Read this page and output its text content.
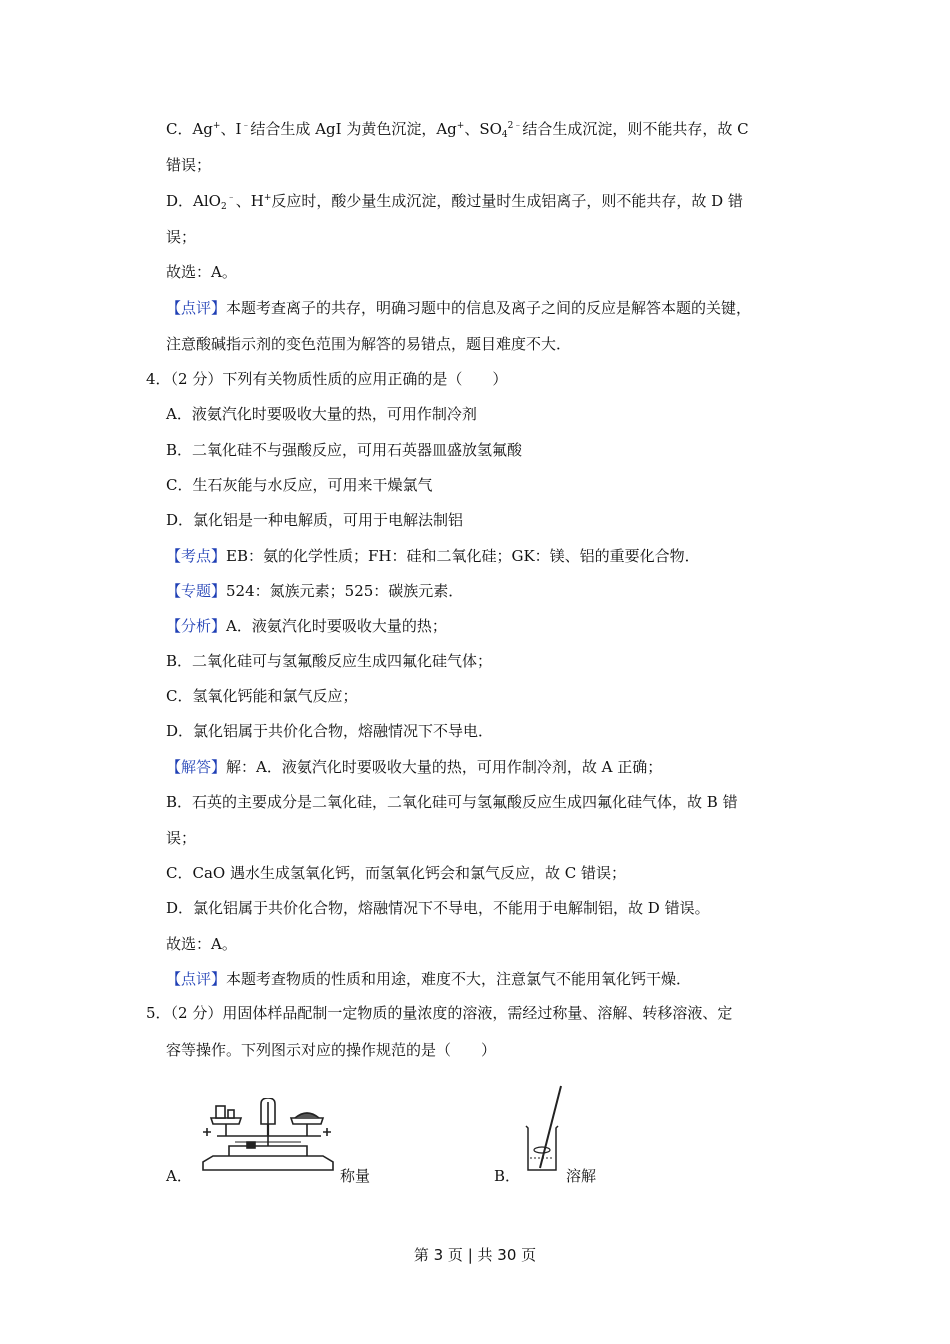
C．Ag+、I﹣结合生成 AgI 为黄色沉淀，Ag+、$SO_4^{2﹣}$结合生成沉淀，则不能共存，故 C
错误；
D．AlO$_2$﹣、H+反应时，酸少量生成沉淀，酸过量时生成铝离子，则不能共存，故 D 错
误；
故选：A。
【点评】本题考查离子的共存，明确习题中的信息及离子之间的反应是解答本题的关键，
注意酸碱指示剂的变色范围为解答的易错点，题目难度不大．
4．（2 分）下列有关物质性质的应用正确的是（　　）
A．液氨汽化时要吸收大量的热，可用作制冷剂
B．二氧化硅不与强酸反应，可用石英器皿盛放氢氟酸
C．生石灰能与水反应，可用来干燥氯气
D．氯化铝是一种电解质，可用于电解法制铝
【考点】EB：氨的化学性质；FH：硅和二氧化硅；GK：镁、铝的重要化合物．
【专题】524：氮族元素；525：碳族元素．
【分析】A．液氨汽化时要吸收大量的热；
B．二氧化硅可与氢氟酸反应生成四氟化硅气体；
C．氢氧化钙能和氯气反应；
D．氯化铝属于共价化合物，熔融情况下不导电．
【解答】解：A．液氨汽化时要吸收大量的热，可用作制冷剂，故 A 正确；
B．石英的主要成分是二氧化硅，二氧化硅可与氢氟酸反应生成四氟化硅气体，故 B 错
误；
C．CaO 遇水生成氢氧化钙，而氢氧化钙会和氯气反应，故 C 错误；
D．氯化铝属于共价化合物，熔融情况下不导电，不能用于电解制铝，故 D 错误。
故选：A。
【点评】本题考查物质的性质和用途，难度不大，注意氯气不能用氧化钙干燥．
5．（2 分）用固体样品配制一定物质的量浓度的溶液，需经过称量、溶解、转移溶液、定
容等操作。下列图示对应的操作规范的是（　　）
A．	称量	B．	溶解
第 3 页 | 共 30 页
